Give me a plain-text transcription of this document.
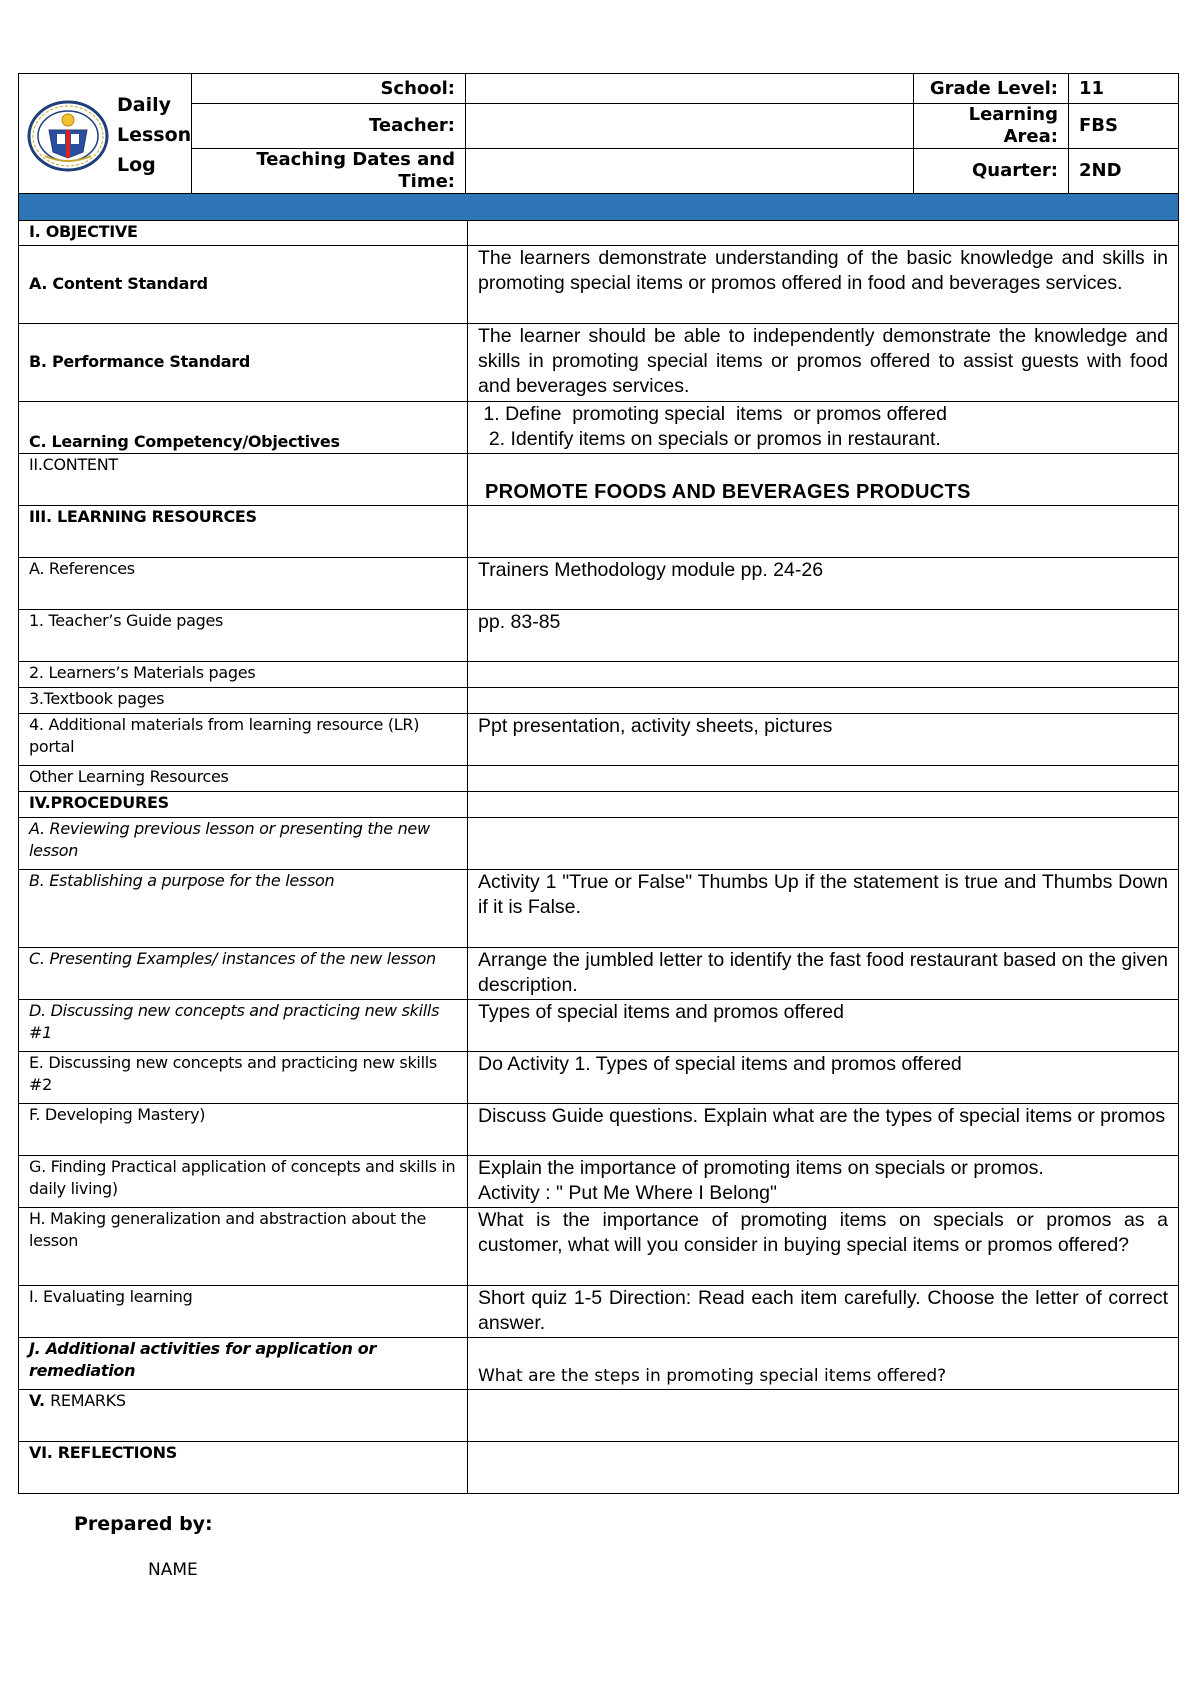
Daily
Lesson
Log	School:		Grade Level:	11
	Teacher:		Learning Area:	FBS
	Teaching Dates and Time:		Quarter:	2ND

I. OBJECTIVE	
A. Content Standard	The learners demonstrate understanding of the basic knowledge and skills in promoting special items or promos offered in food and beverages services.
B. Performance Standard	The learner should be able to independently demonstrate the knowledge and skills in promoting special items or promos offered to assist guests with food and beverages services.
C. Learning Competency/Objectives	1. Define  promoting special  items  or promos offered
2. Identify items on specials or promos in restaurant.

II.CONTENT	PROMOTE FOODS AND BEVERAGES PRODUCTS
III. LEARNING RESOURCES	
A. References	Trainers Methodology module pp. 24-26
1. Teacher’s Guide pages	pp. 83-85
2. Learners’s Materials pages	
3.Textbook pages	
4. Additional materials from learning resource (LR) portal	Ppt presentation, activity sheets, pictures
Other Learning Resources	
IV.PROCEDURES	
A. Reviewing previous lesson or presenting the new lesson	
B. Establishing a purpose for the lesson	Activity 1 "True or False" Thumbs Up if the statement is true and Thumbs Down if it is False.
C. Presenting Examples/ instances of the new lesson	Arrange the jumbled letter to identify the fast food restaurant based on the given description.
D. Discussing new concepts and practicing new skills #1	Types of special items and promos offered
E. Discussing new concepts and practicing new skills #2	Do Activity 1. Types of special items and promos offered
F. Developing Mastery)	Discuss Guide questions. Explain what are the types of special items or promos
G. Finding Practical application of concepts and skills in daily living)	Explain the importance of promoting items on specials or promos.
Activity : " Put Me Where I Belong"

H. Making generalization and abstraction about the lesson	What is the importance of promoting items on specials or promos as a customer, what will you consider in buying special items or promos offered?
I. Evaluating learning	Short quiz 1-5 Direction: Read each item carefully. Choose the letter of correct answer.
J. Additional activities for application or remediation	What are the steps in promoting special items offered?
V. REMARKS	
VI. REFLECTIONS	
Prepared by:
NAME
